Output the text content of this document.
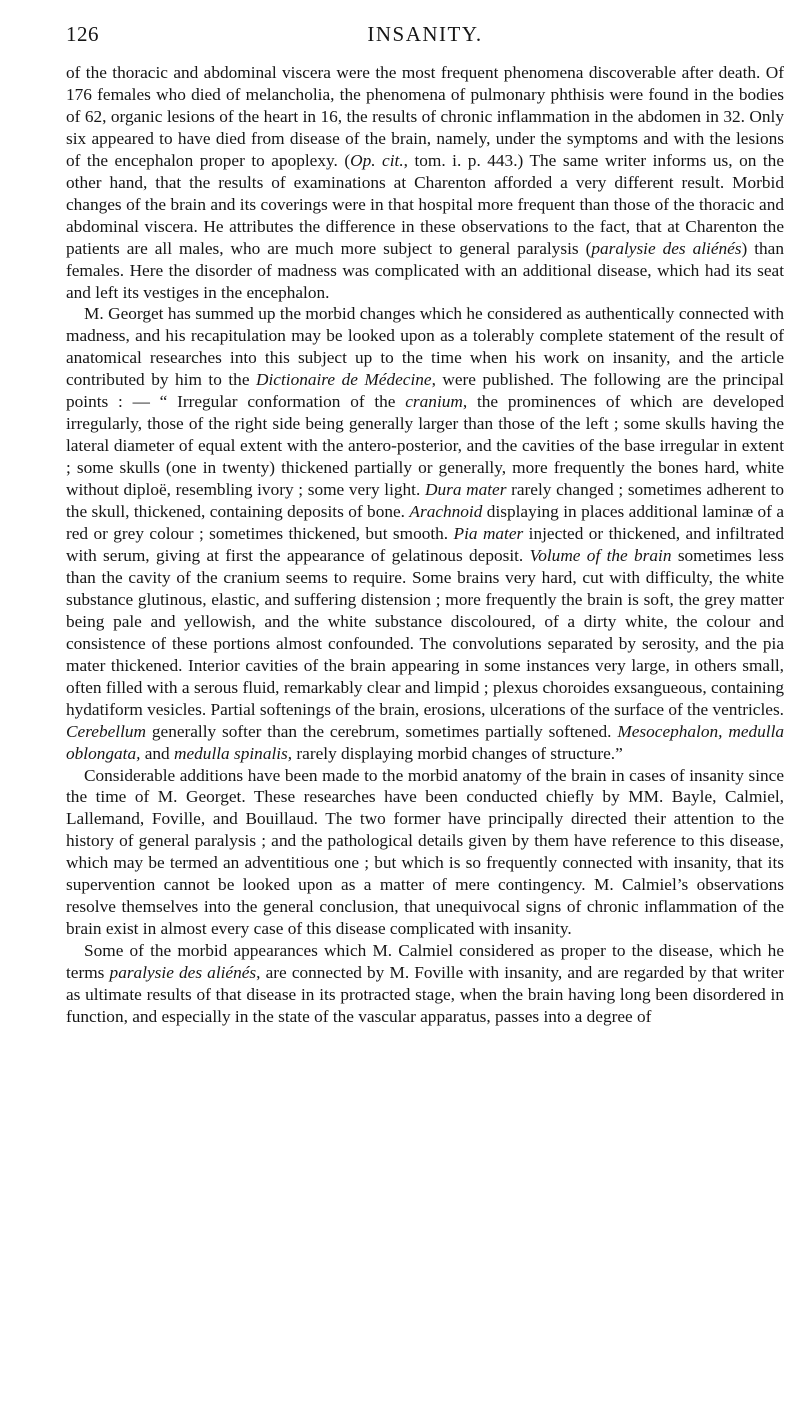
126	INSANITY.

of the thoracic and abdominal viscera were the most frequent phenomena discoverable after death. Of 176 females who died of melancholia, the phenomena of pulmonary phthisis were found in the bodies of 62, organic lesions of the heart in 16, the results of chronic inflammation in the abdomen in 32. Only six appeared to have died from disease of the brain, namely, under the symptoms and with the lesions of the encephalon proper to apoplexy. (Op. cit., tom. i. p. 443.) The same writer informs us, on the other hand, that the results of examinations at Charenton afforded a very different result. Morbid changes of the brain and its coverings were in that hospital more frequent than those of the thoracic and abdominal viscera. He attributes the difference in these observations to the fact, that at Charenton the patients are all males, who are much more subject to general paralysis (paralysie des aliénés) than females. Here the disorder of madness was complicated with an additional disease, which had its seat and left its vestiges in the encephalon.

M. Georget has summed up the morbid changes which he considered as authentically connected with madness, and his recapitulation may be looked upon as a tolerably complete statement of the result of anatomical researches into this subject up to the time when his work on insanity, and the article contributed by him to the Dictionaire de Médecine, were published. The following are the principal points : — “ Irregular conformation of the cranium, the prominences of which are developed irregularly, those of the right side being generally larger than those of the left ; some skulls having the lateral diameter of equal extent with the antero-posterior, and the cavities of the base irregular in extent ; some skulls (one in twenty) thickened partially or generally, more frequently the bones hard, white without diploë, resembling ivory ; some very light. Dura mater rarely changed ; sometimes adherent to the skull, thickened, containing deposits of bone. Arachnoid displaying in places additional laminæ of a red or grey colour ; sometimes thickened, but smooth. Pia mater injected or thickened, and infiltrated with serum, giving at first the appearance of gelatinous deposit. Volume of the brain sometimes less than the cavity of the cranium seems to require. Some brains very hard, cut with difficulty, the white substance glutinous, elastic, and suffering distension ; more frequently the brain is soft, the grey matter being pale and yellowish, and the white substance discoloured, of a dirty white, the colour and consistence of these portions almost confounded. The convolutions separated by serosity, and the pia mater thickened. Interior cavities of the brain appearing in some instances very large, in others small, often filled with a serous fluid, remarkably clear and limpid ; plexus choroides exsangueous, containing hydatiform vesicles. Partial softenings of the brain, erosions, ulcerations of the surface of the ventricles. Cerebellum generally softer than the cerebrum, sometimes partially softened. Mesocephalon, medulla oblongata, and medulla spinalis, rarely displaying morbid changes of structure.”

Considerable additions have been made to the morbid anatomy of the brain in cases of insanity since the time of M. Georget. These researches have been conducted chiefly by MM. Bayle, Calmiel, Lallemand, Foville, and Bouillaud. The two former have principally directed their attention to the history of general paralysis ; and the pathological details given by them have reference to this disease, which may be termed an adventitious one ; but which is so frequently connected with insanity, that its supervention cannot be looked upon as a matter of mere contingency. M. Calmiel’s observations resolve themselves into the general conclusion, that unequivocal signs of chronic inflammation of the brain exist in almost every case of this disease complicated with insanity.

Some of the morbid appearances which M. Calmiel considered as proper to the disease, which he terms paralysie des aliénés, are connected by M. Foville with insanity, and are regarded by that writer as ultimate results of that disease in its protracted stage, when the brain having long been disordered in function, and especially in the state of the vascular apparatus, passes into a degree of
